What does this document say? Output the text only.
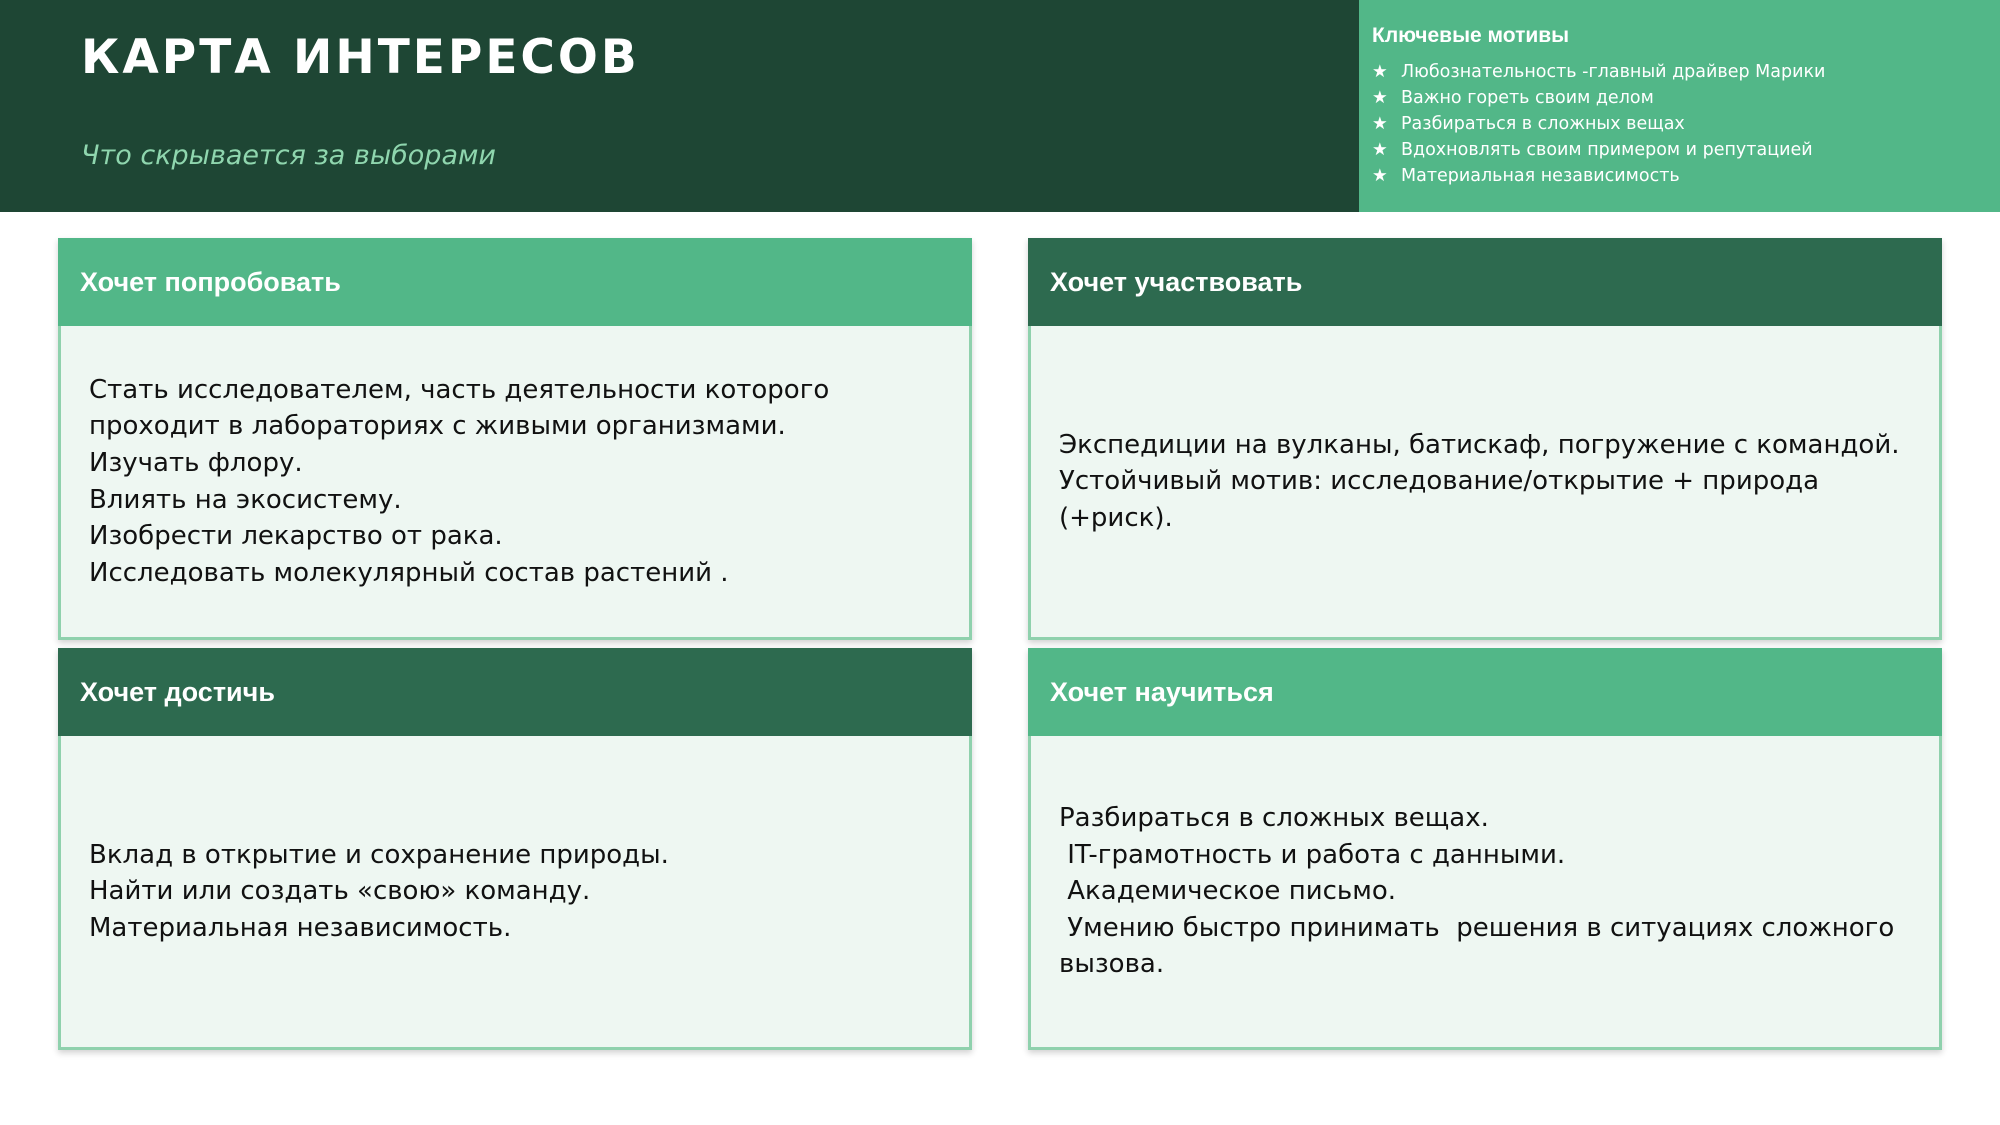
КАРТА ИНТЕРЕСОВ
Что скрывается за выборами
Ключевые мотивы
★ Любознательность -главный драйвер Марики
★ Важно гореть своим делом
★ Разбираться в сложных вещах
★ Вдохновлять своим примером и репутацией
★ Материальная независимость
Хочет попробовать
Стать исследователем, часть деятельности которого проходит в лабораториях с живыми организмами.
Изучать флору.
Влиять на экосистему.
Изобрести лекарство от рака.
Исследовать молекулярный состав растений .
Хочет участвовать
Экспедиции на вулканы, батискаф, погружение с командой.
Устойчивый мотив: исследование/открытие + природа (+риск).
Хочет достичь
Вклад в открытие и сохранение природы.
Найти или создать «свою» команду.
Материальная независимость.
Хочет научиться
Разбираться в сложных вещах.
IT-грамотность и работа с данными.
Академическое письмо.
Умению быстро принимать  решения в ситуациях сложного вызова.
